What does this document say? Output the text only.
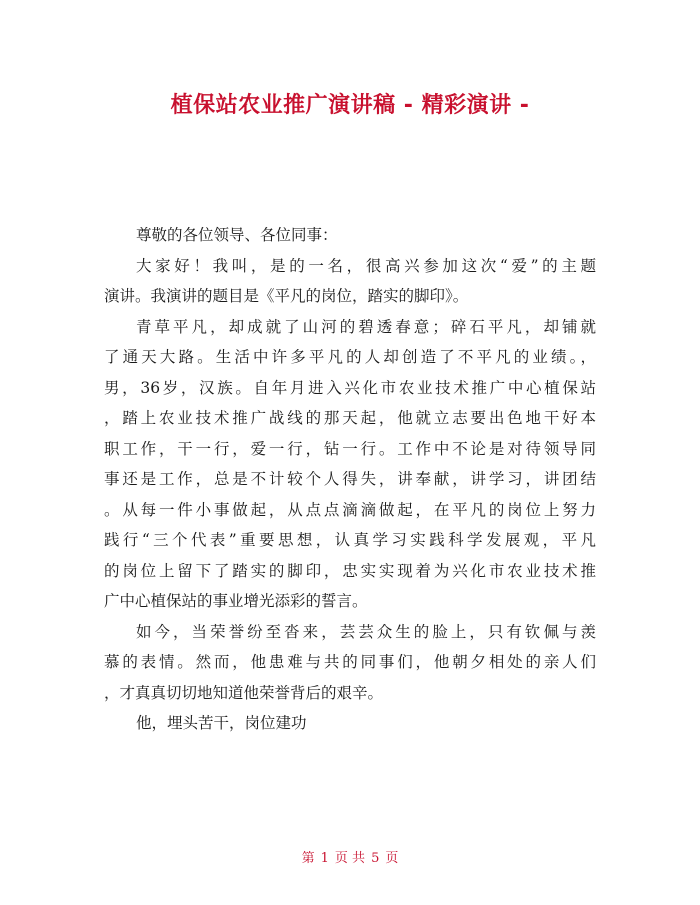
植保站农业推广演讲稿 - 精彩演讲 -
尊敬的各位领导、各位同事：
大家好！我叫，是的一名，很高兴参加这次“爱”的主题
演讲。我演讲的题目是《平凡的岗位，踏实的脚印》。
青草平凡，却成就了山河的碧透春意；碎石平凡，却铺就
了通天大路。生活中许多平凡的人却创造了不平凡的业绩。，
男，36岁，汉族。自年月进入兴化市农业技术推广中心植保站
，踏上农业技术推广战线的那天起，他就立志要出色地干好本
职工作，干一行，爱一行，钻一行。工作中不论是对待领导同
事还是工作，总是不计较个人得失，讲奉献，讲学习，讲团结
。从每一件小事做起，从点点滴滴做起，在平凡的岗位上努力
践行“三个代表”重要思想，认真学习实践科学发展观，平凡
的岗位上留下了踏实的脚印，忠实实现着为兴化市农业技术推
广中心植保站的事业增光添彩的誓言。
如今，当荣誉纷至沓来，芸芸众生的脸上，只有钦佩与羡
慕的表情。然而，他患难与共的同事们，他朝夕相处的亲人们
，才真真切切地知道他荣誉背后的艰辛。
他，埋头苦干，岗位建功
第 1 页 共 5 页
